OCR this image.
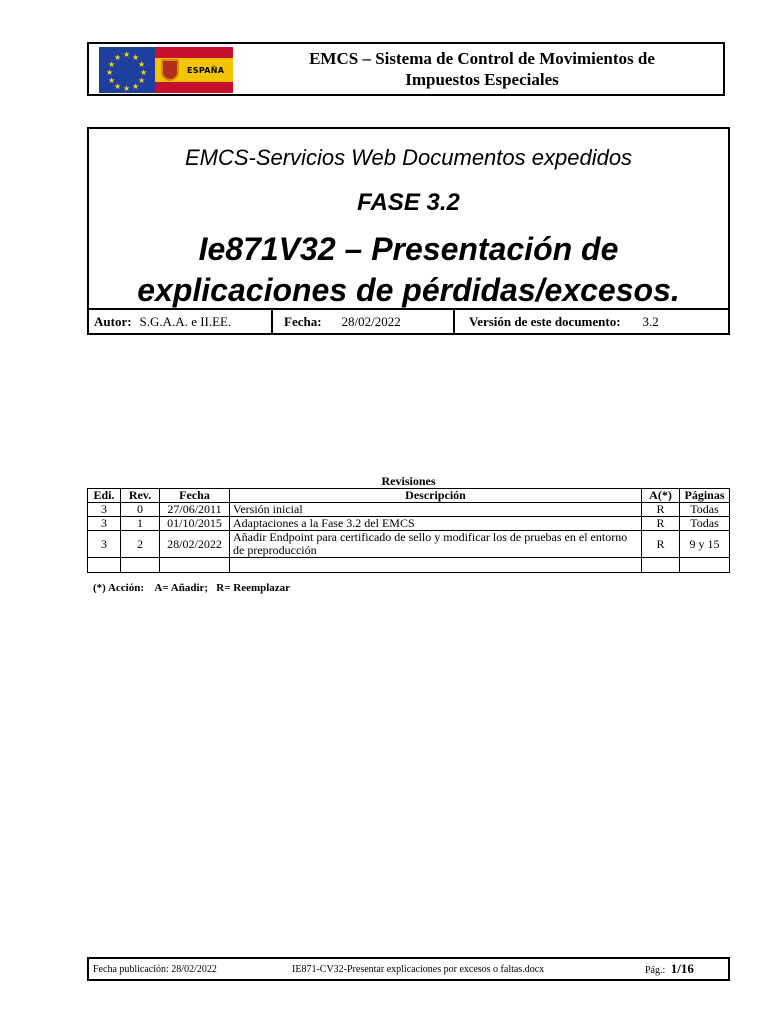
★ ★
★
★
★
★
★
★
★
★
★
★
ESPAÑA
EMCS – Sistema de Control de Movimientos de
Impuestos Especiales
EMCS-Servicios Web Documentos expedidos
FASE 3.2
Ie871V32 – Presentación de
explicaciones de pérdidas/excesos.
Autor: S.G.A.A. e II.EE.	Fecha: 28/02/2022	Versión de este documento: 3.2
Revisiones
Edi.	Rev.	Fecha	Descripción	A(*)	Páginas
3	0	27/06/2011	Versión inicial	R	Todas
3	1	01/10/2015	Adaptaciones a la Fase 3.2 del EMCS	R	Todas
3	2	28/02/2022	Añadir Endpoint para certificado de sello y modificar los de pruebas en el entorno de preproducción	R	9 y 15

(*) Acción:    A= Añadir;   R= Reemplazar
Fecha publicación: 28/02/2022	IE871-CV32-Presentar explicaciones por excesos o faltas.docx	Pág.: 1/16
